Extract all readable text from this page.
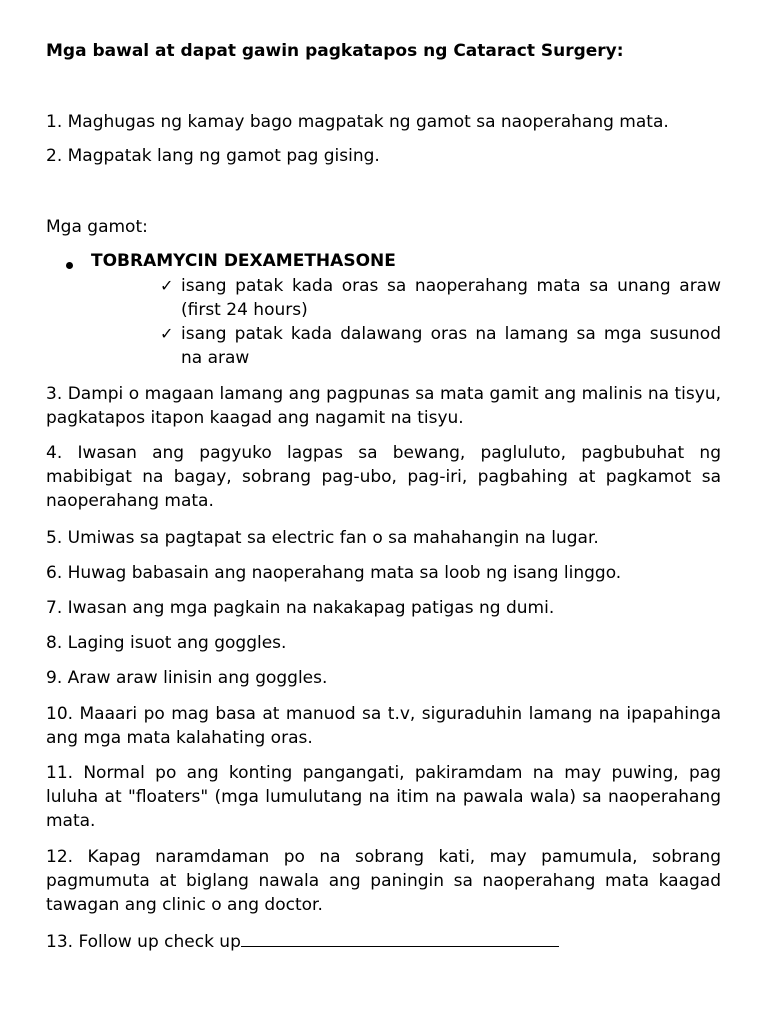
Mga bawal at dapat gawin pagkatapos ng Cataract Surgery:
1. Maghugas ng kamay bago magpatak ng gamot sa naoperahang mata.
2. Magpatak lang ng gamot pag gising.
Mga gamot:
TOBRAMYCIN DEXAMETHASONE
✓ isang patak kada oras sa naoperahang mata sa unang araw (first 24 hours)
✓ isang patak kada dalawang oras na lamang sa mga susunod na araw
3. Dampi o magaan lamang ang pagpunas sa mata gamit ang malinis na tisyu, pagkatapos itapon kaagad ang nagamit na tisyu.
4. Iwasan ang pagyuko lagpas sa bewang, pagluluto, pagbubuhat ng mabibigat na bagay, sobrang pag-ubo, pag-iri, pagbahing at pagkamot sa naoperahang mata.
5. Umiwas sa pagtapat sa electric fan o sa mahahangin na lugar.
6. Huwag babasain ang naoperahang mata sa loob ng isang linggo.
7. Iwasan ang mga pagkain na nakakapag patigas ng dumi.
8. Laging isuot ang goggles.
9. Araw araw linisin ang goggles.
10. Maaari po mag basa at manuod sa t.v, siguraduhin lamang na ipapahinga ang mga mata kalahating oras.
11. Normal po ang konting pangangati, pakiramdam na may puwing, pag luluha at "floaters" (mga lumulutang na itim na pawala wala) sa naoperahang mata.
12. Kapag naramdaman po na sobrang kati, may pamumula, sobrang pagmumuta at biglang nawala ang paningin sa naoperahang mata kaagad tawagan ang clinic o ang doctor.
13. Follow up check up
